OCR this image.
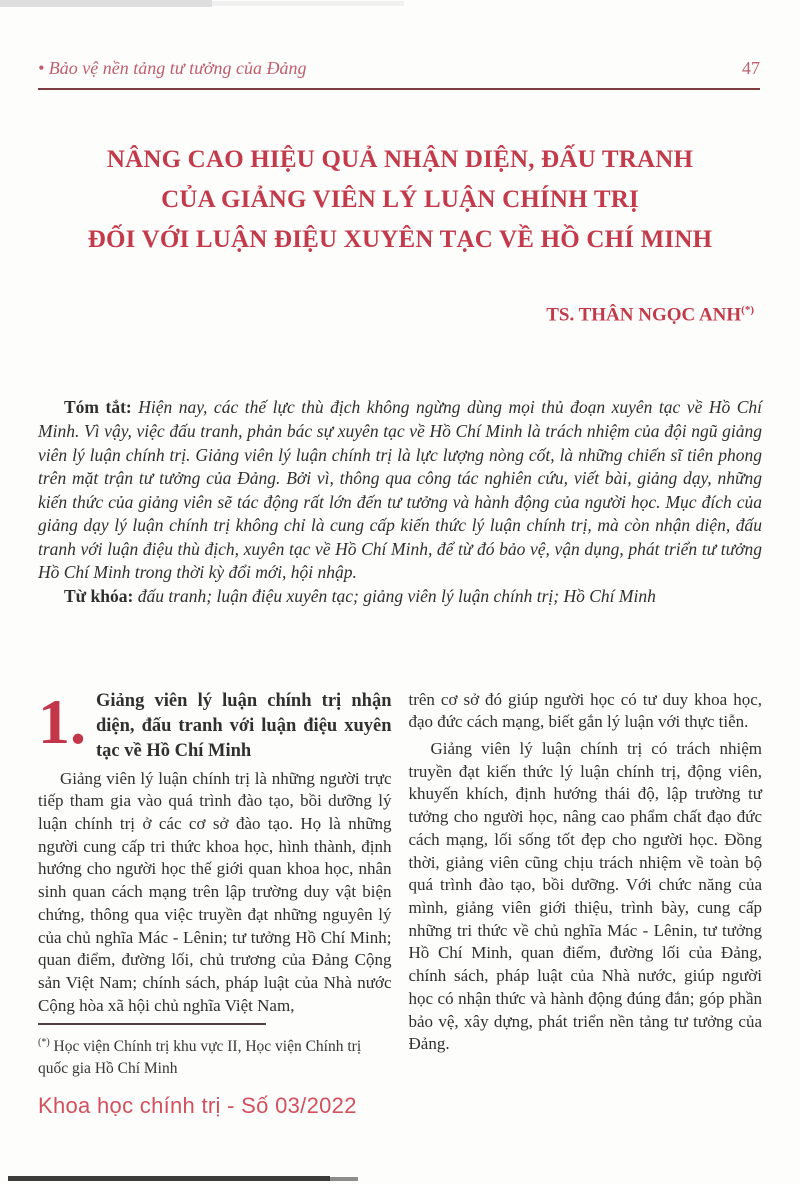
• Bảo vệ nền tảng tư tưởng của Đảng	47
NÂNG CAO HIỆU QUẢ NHẬN DIỆN, ĐẤU TRANH
CỦA GIẢNG VIÊN LÝ LUẬN CHÍNH TRỊ
ĐỐI VỚI LUẬN ĐIỆU XUYÊN TẠC VỀ HỒ CHÍ MINH
TS. THÂN NGỌC ANH(*)

Tóm tắt: Hiện nay, các thế lực thù địch không ngừng dùng mọi thủ đoạn xuyên tạc về Hồ Chí Minh. Vì vậy, việc đấu tranh, phản bác sự xuyên tạc về Hồ Chí Minh là trách nhiệm của đội ngũ giảng viên lý luận chính trị. Giảng viên lý luận chính trị là lực lượng nòng cốt, là những chiến sĩ tiên phong trên mặt trận tư tưởng của Đảng. Bởi vì, thông qua công tác nghiên cứu, viết bài, giảng dạy, những kiến thức của giảng viên sẽ tác động rất lớn đến tư tưởng và hành động của người học. Mục đích của giảng dạy lý luận chính trị không chỉ là cung cấp kiến thức lý luận chính trị, mà còn nhận diện, đấu tranh với luận điệu thù địch, xuyên tạc về Hồ Chí Minh, để từ đó bảo vệ, vận dụng, phát triển tư tưởng Hồ Chí Minh trong thời kỳ đổi mới, hội nhập.

Từ khóa: đấu tranh; luận điệu xuyên tạc; giảng viên lý luận chính trị; Hồ Chí Minh

1. Giảng viên lý luận chính trị nhận diện, đấu tranh với luận điệu xuyên tạc về Hồ Chí Minh

Giảng viên lý luận chính trị là những người trực tiếp tham gia vào quá trình đào tạo, bồi dưỡng lý luận chính trị ở các cơ sở đào tạo. Họ là những người cung cấp tri thức khoa học, hình thành, định hướng cho người học thế giới quan khoa học, nhân sinh quan cách mạng trên lập trường duy vật biện chứng, thông qua việc truyền đạt những nguyên lý của chủ nghĩa Mác - Lênin; tư tưởng Hồ Chí Minh; quan điểm, đường lối, chủ trương của Đảng Cộng sản Việt Nam; chính sách, pháp luật của Nhà nước Cộng hòa xã hội chủ nghĩa Việt Nam,

(*) Học viện Chính trị khu vực II, Học viện Chính trị quốc gia Hồ Chí Minh

trên cơ sở đó giúp người học có tư duy khoa học, đạo đức cách mạng, biết gắn lý luận với thực tiễn.

Giảng viên lý luận chính trị có trách nhiệm truyền đạt kiến thức lý luận chính trị, động viên, khuyến khích, định hướng thái độ, lập trường tư tưởng cho người học, nâng cao phẩm chất đạo đức cách mạng, lối sống tốt đẹp cho người học. Đồng thời, giảng viên cũng chịu trách nhiệm về toàn bộ quá trình đào tạo, bồi dưỡng. Với chức năng của mình, giảng viên giới thiệu, trình bày, cung cấp những tri thức về chủ nghĩa Mác - Lênin, tư tưởng Hồ Chí Minh, quan điểm, đường lối của Đảng, chính sách, pháp luật của Nhà nước, giúp người học có nhận thức và hành động đúng đắn; góp phần bảo vệ, xây dựng, phát triển nền tảng tư tưởng của Đảng.

Khoa học chính trị - Số 03/2022
